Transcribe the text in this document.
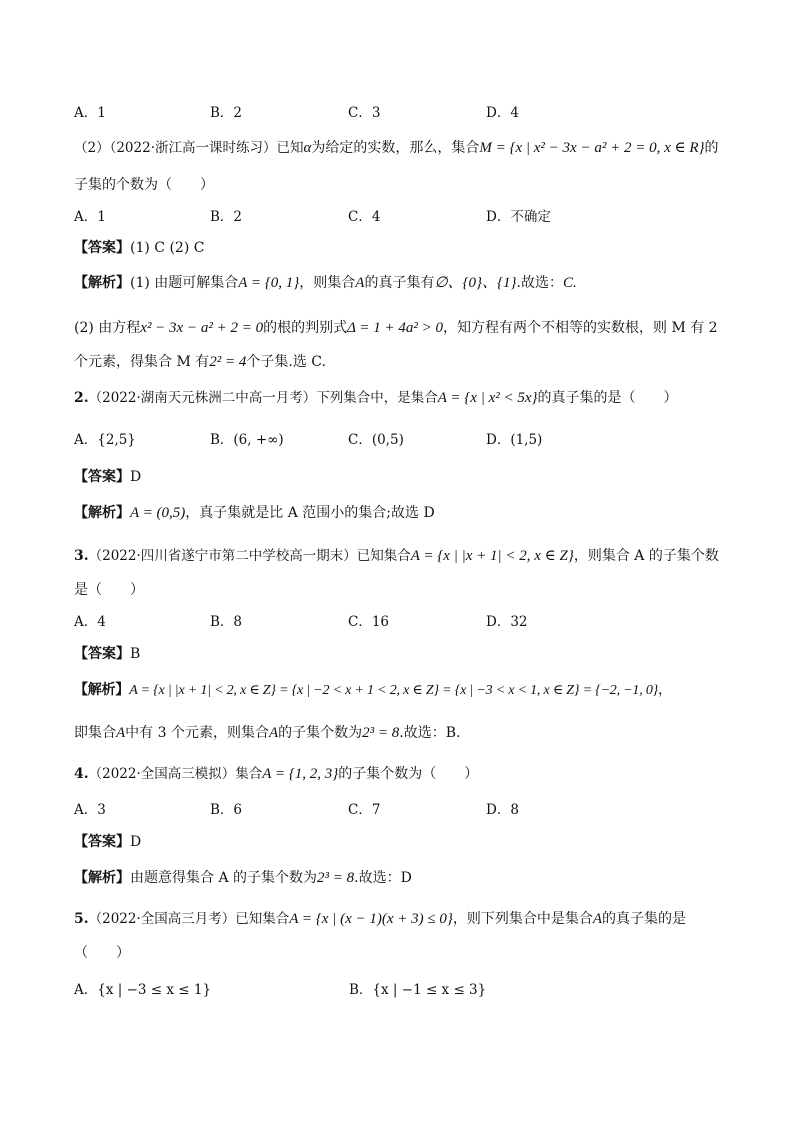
A．1	B．2	C．3	D．4
（2）（2022·浙江高一课时练习）已知α为给定的实数，那么，集合M = {x | x² − 3x − a² + 2 = 0, x ∈ R}的
子集的个数为（　　）
A．1	B．2	C．4	D．不确定
【答案】(1) C (2) C
【解析】(1) 由题可解集合A = {0, 1}，则集合A的真子集有∅、{0}、{1}.故选：C.
(2) 由方程x² − 3x − a² + 2 = 0的根的判别式Δ = 1 + 4a² > 0，知方程有两个不相等的实数根，则 M 有 2
个元素，得集合 M 有2² = 4个子集.选 C.
2.（2022·湖南天元株洲二中高一月考）下列集合中，是集合A = {x | x² < 5x}的真子集的是（　　）
A．{2,5}	B．(6, +∞)	C．(0,5)	D．(1,5)
【答案】D
【解析】A = (0,5)，真子集就是比 A 范围小的集合;故选 D
3.（2022·四川省遂宁市第二中学校高一期末）已知集合A = {x | |x + 1| < 2, x ∈ Z}，则集合 A 的子集个数
是（　　）
A．4	B．8	C．16	D．32
【答案】B
【解析】A = {x | |x + 1| < 2, x ∈ Z} = {x | −2 < x + 1 < 2, x ∈ Z} = {x | −3 < x < 1, x ∈ Z} = {−2, −1, 0}，
即集合A中有 3 个元素，则集合A的子集个数为2³ = 8.故选：B.
4.（2022·全国高三模拟）集合A = {1, 2, 3}的子集个数为（　　）
A．3	B．6	C．7	D．8
【答案】D
【解析】由题意得集合 A 的子集个数为2³ = 8.故选：D
5.（2022·全国高三月考）已知集合A = {x | (x − 1)(x + 3) ≤ 0}，则下列集合中是集合A的真子集的是
（　　）
A．{x | −3 ≤ x ≤ 1}	B．{x | −1 ≤ x ≤ 3}
